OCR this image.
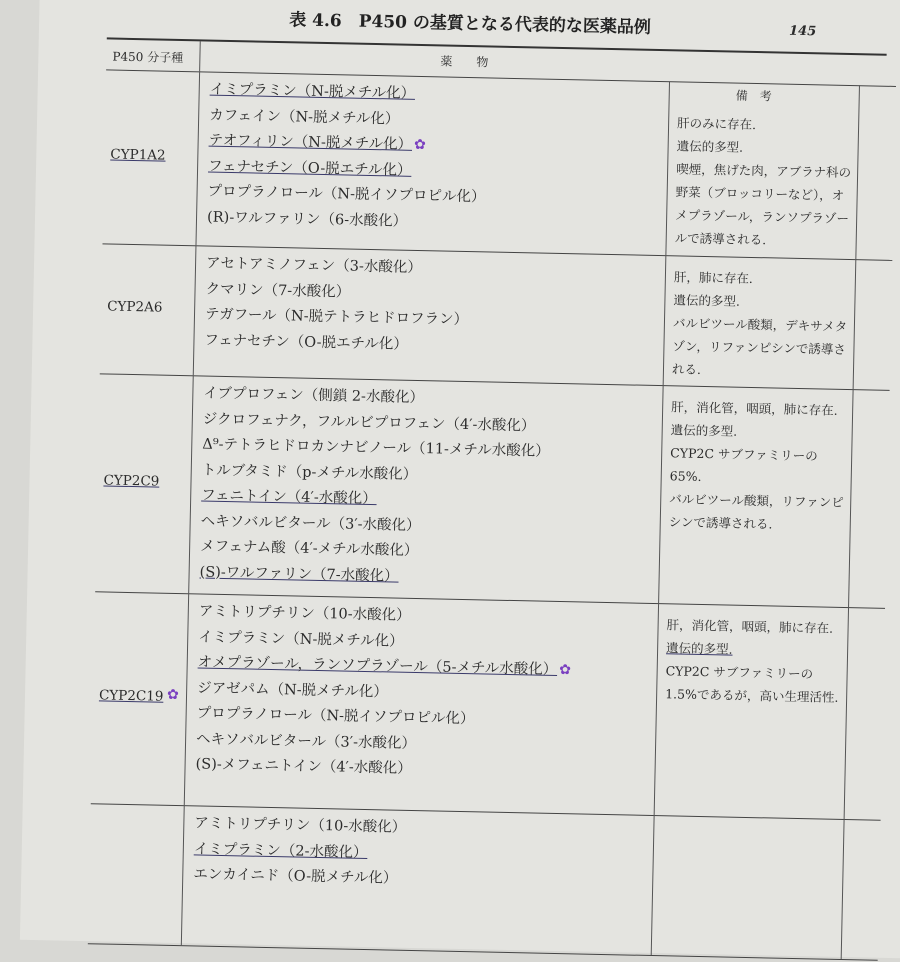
表 4.6　P450 の基質となる代表的な医薬品例	145
P450 分子種	薬　　物
備　考
CYP1A2
イミプラミン（N-脱メチル化）
カフェイン（N-脱メチル化）
テオフィリン（N-脱メチル化） ✿
フェナセチン（O-脱エチル化）
プロプラノロール（N-脱イソプロピル化）
(R)-ワルファリン（6-水酸化）
肝のみに存在.
遺伝的多型.
喫煙，焦げた肉，アブラナ科の野菜（ブロッコリーなど），オメプラゾール，ランソプラゾールで誘導される.
CYP2A6
アセトアミノフェン（3-水酸化）
クマリン（7-水酸化）
テガフール（N-脱テトラヒドロフラン）
フェナセチン（O-脱エチル化）
肝，肺に存在.
遺伝的多型.
バルビツール酸類，デキサメタゾン，リファンピシンで誘導される.
CYP2C9
イブプロフェン（側鎖 2-水酸化）
ジクロフェナク，フルルビプロフェン（4′-水酸化）
Δ⁹-テトラヒドロカンナビノール（11-メチル水酸化）
トルブタミド（p-メチル水酸化）
フェニトイン（4′-水酸化）
ヘキソバルビタール（3′-水酸化）
メフェナム酸（4′-メチル水酸化）
(S)-ワルファリン（7-水酸化）
肝，消化管，咽頭，肺に存在.
遺伝的多型.
CYP2C サブファミリーの 65%.
バルビツール酸類，リファンピシンで誘導される.
CYP2C19 ✿
アミトリプチリン（10-水酸化）
イミプラミン（N-脱メチル化）
オメプラゾール，ランソプラゾール（5-メチル水酸化） ✿
ジアゼパム（N-脱メチル化）
プロプラノロール（N-脱イソプロピル化）
ヘキソバルビタール（3′-水酸化）
(S)-メフェニトイン（4′-水酸化）
肝，消化管，咽頭，肺に存在.
遺伝的多型.
CYP2C サブファミリーの 1.5%であるが，高い生理活性.
アミトリプチリン（10-水酸化）
イミプラミン（2-水酸化）
エンカイニド（O-脱メチル化）
